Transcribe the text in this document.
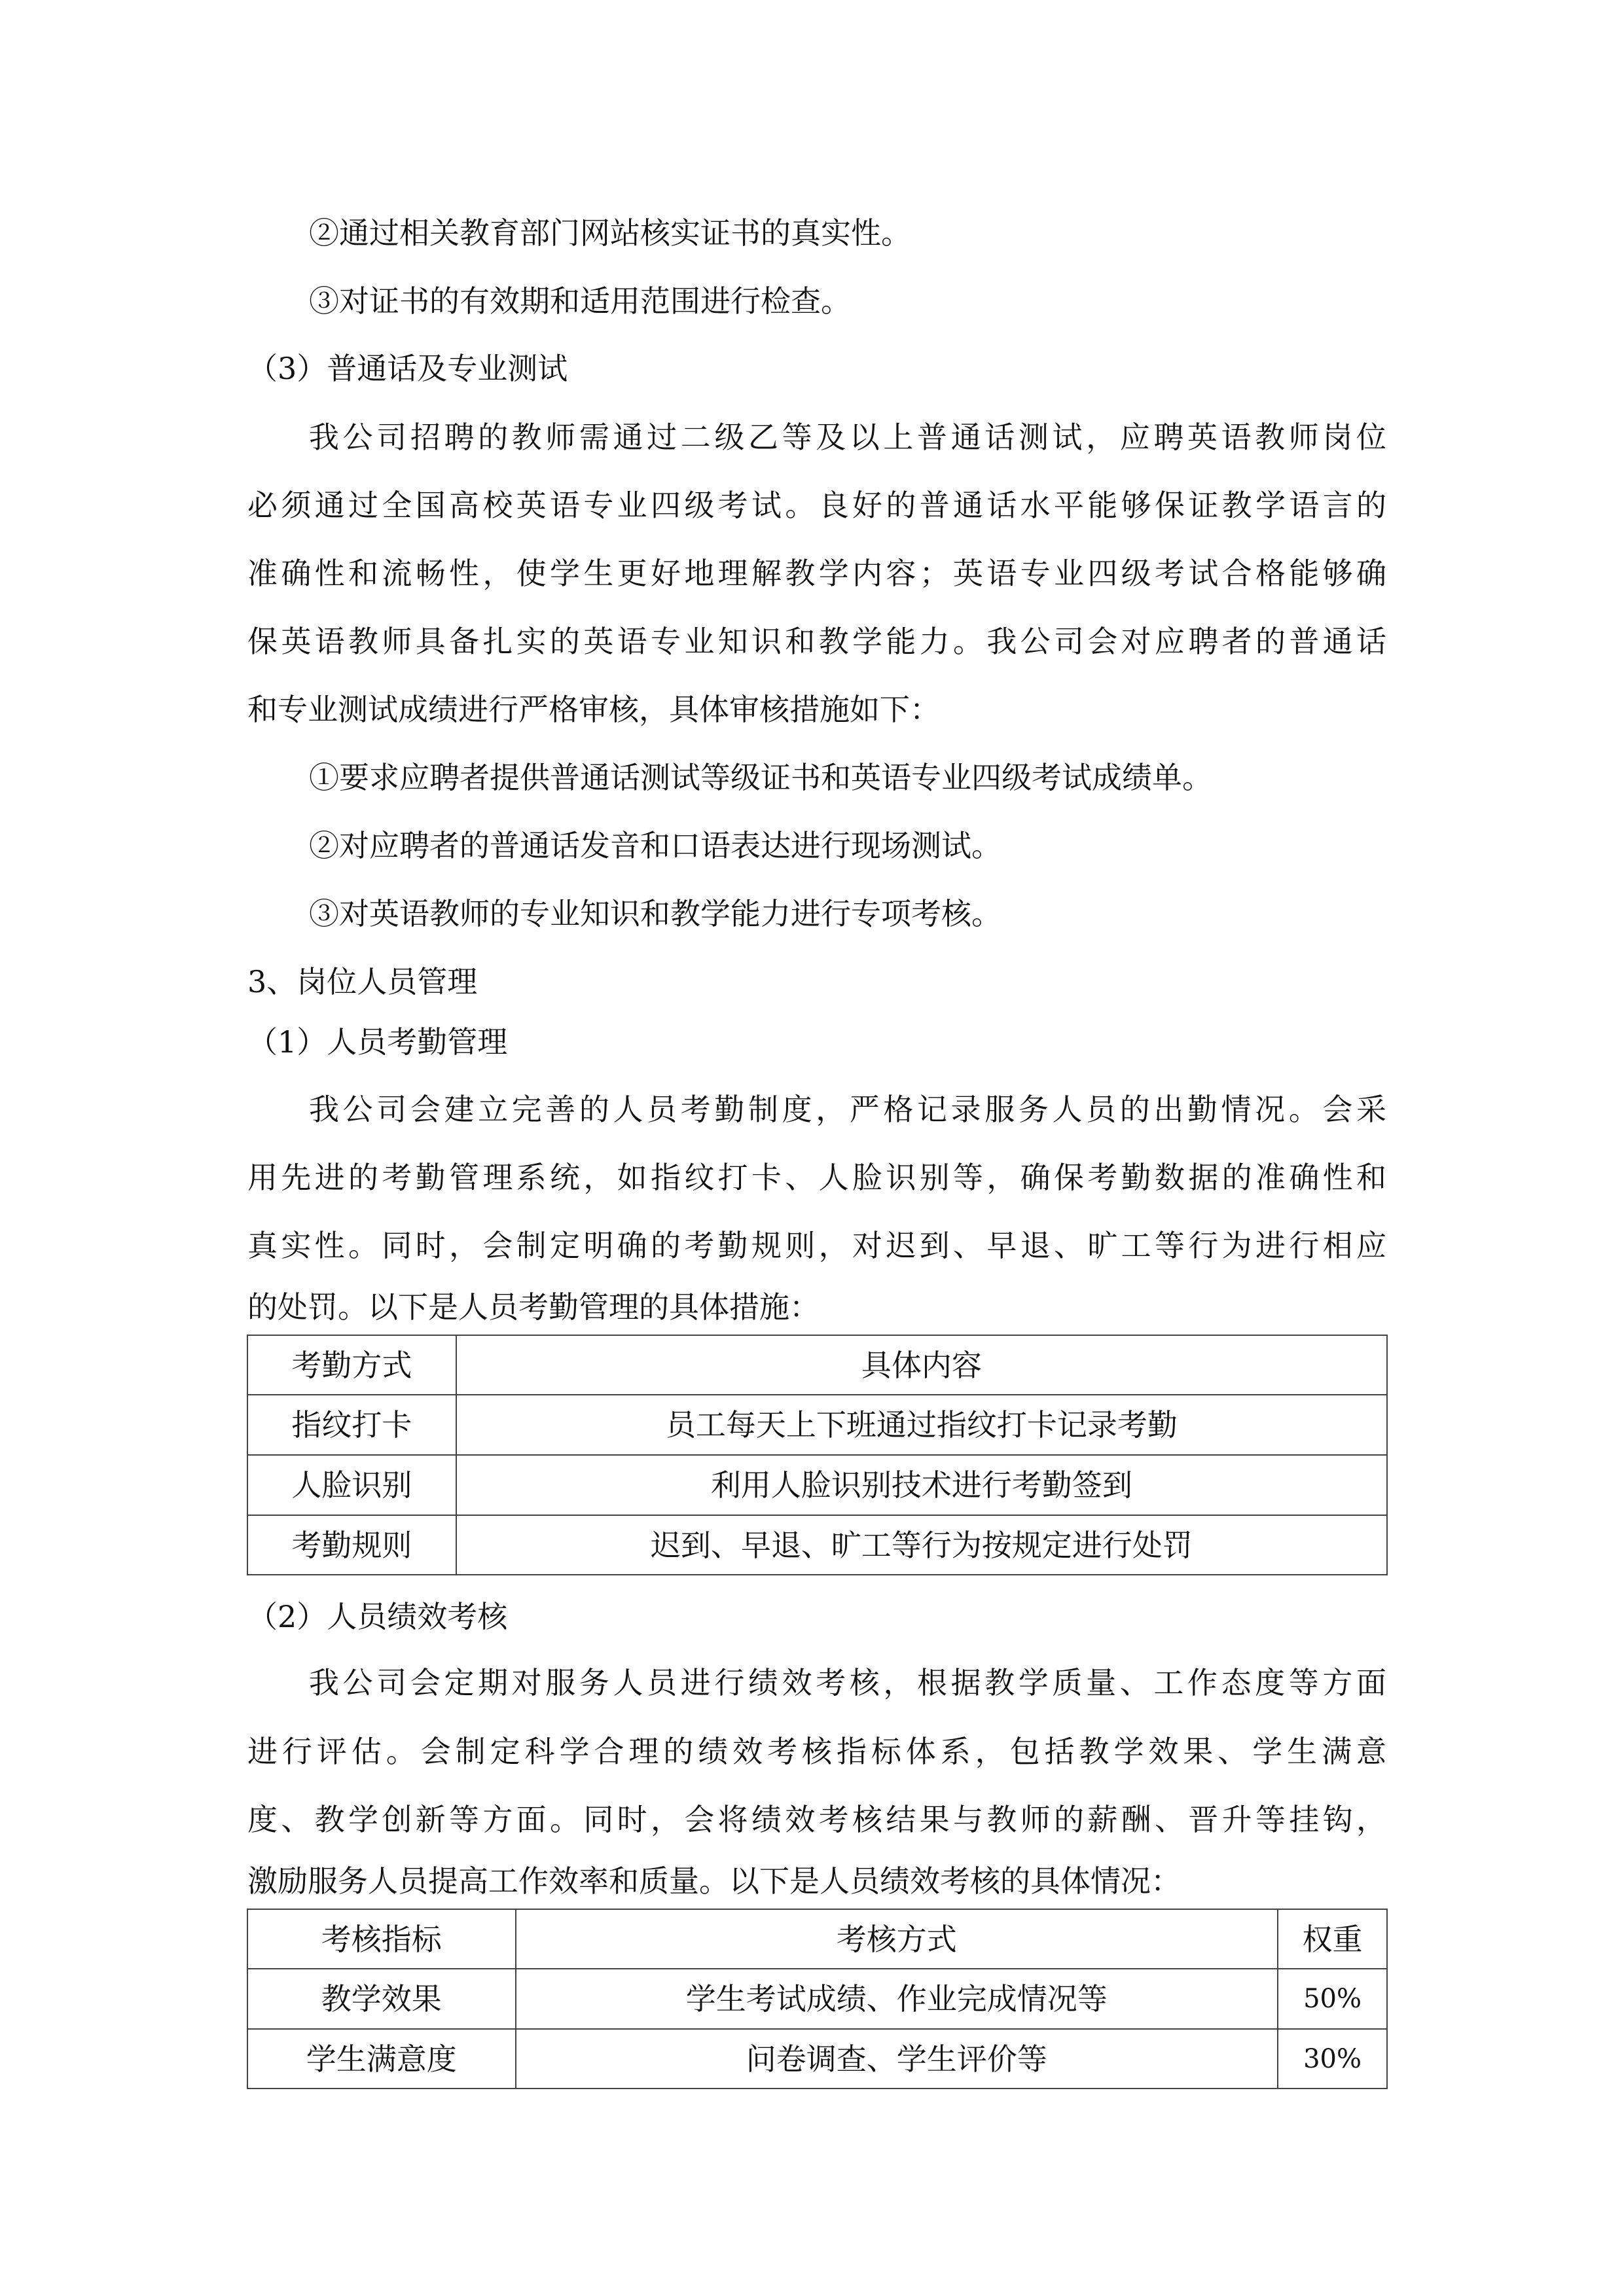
②通过相关教育部门网站核实证书的真实性。
③对证书的有效期和适用范围进行检查。
（3）普通话及专业测试
我公司招聘的教师需通过二级乙等及以上普通话测试，应聘英语教师岗位
必须通过全国高校英语专业四级考试。良好的普通话水平能够保证教学语言的
准确性和流畅性，使学生更好地理解教学内容；英语专业四级考试合格能够确
保英语教师具备扎实的英语专业知识和教学能力。我公司会对应聘者的普通话
和专业测试成绩进行严格审核，具体审核措施如下：
①要求应聘者提供普通话测试等级证书和英语专业四级考试成绩单。
②对应聘者的普通话发音和口语表达进行现场测试。
③对英语教师的专业知识和教学能力进行专项考核。
3、岗位人员管理
（1）人员考勤管理
我公司会建立完善的人员考勤制度，严格记录服务人员的出勤情况。会采
用先进的考勤管理系统，如指纹打卡、人脸识别等，确保考勤数据的准确性和
真实性。同时，会制定明确的考勤规则，对迟到、早退、旷工等行为进行相应
的处罚。以下是人员考勤管理的具体措施：
考勤方式	具体内容
指纹打卡	员工每天上下班通过指纹打卡记录考勤
人脸识别	利用人脸识别技术进行考勤签到
考勤规则	迟到、早退、旷工等行为按规定进行处罚
（2）人员绩效考核
我公司会定期对服务人员进行绩效考核，根据教学质量、工作态度等方面
进行评估。会制定科学合理的绩效考核指标体系，包括教学效果、学生满意
度、教学创新等方面。同时，会将绩效考核结果与教师的薪酬、晋升等挂钩，
激励服务人员提高工作效率和质量。以下是人员绩效考核的具体情况：
考核指标	考核方式	权重
教学效果	学生考试成绩、作业完成情况等	50%
学生满意度	问卷调查、学生评价等	30%
